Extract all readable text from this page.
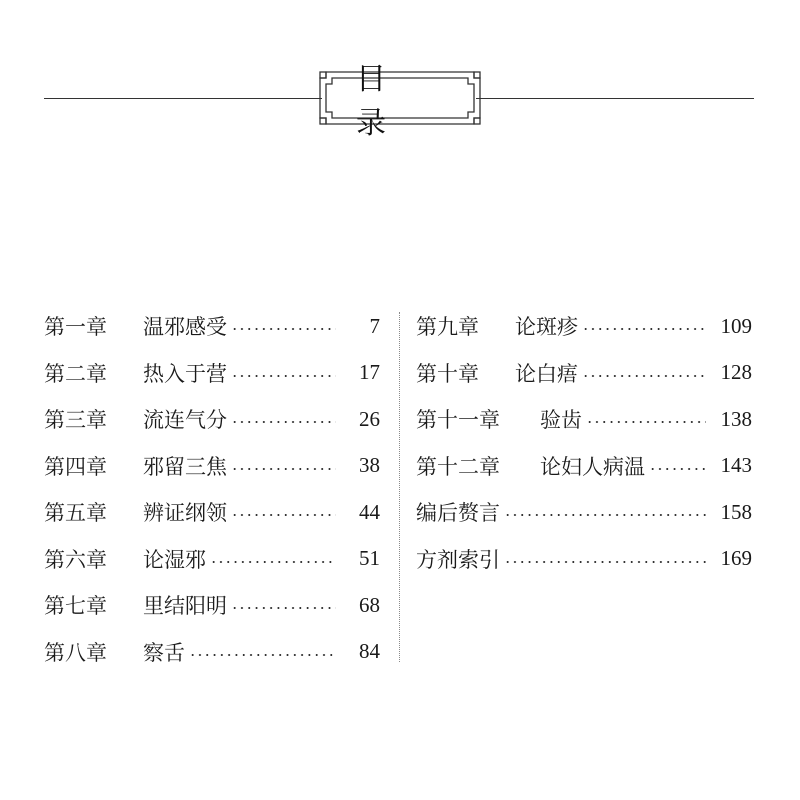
目　录
第一章	温邪感受	7
第二章	热入于营	17
第三章	流连气分	26
第四章	邪留三焦	38
第五章	辨证纲领	44
第六章	论湿邪	51
第七章	里结阳明	68
第八章	察舌	84
第九章	论斑疹	109
第十章	论白痦	128
第十一章	验齿	138
第十二章	论妇人病温	143
编后赘言	158
方剂索引	169
